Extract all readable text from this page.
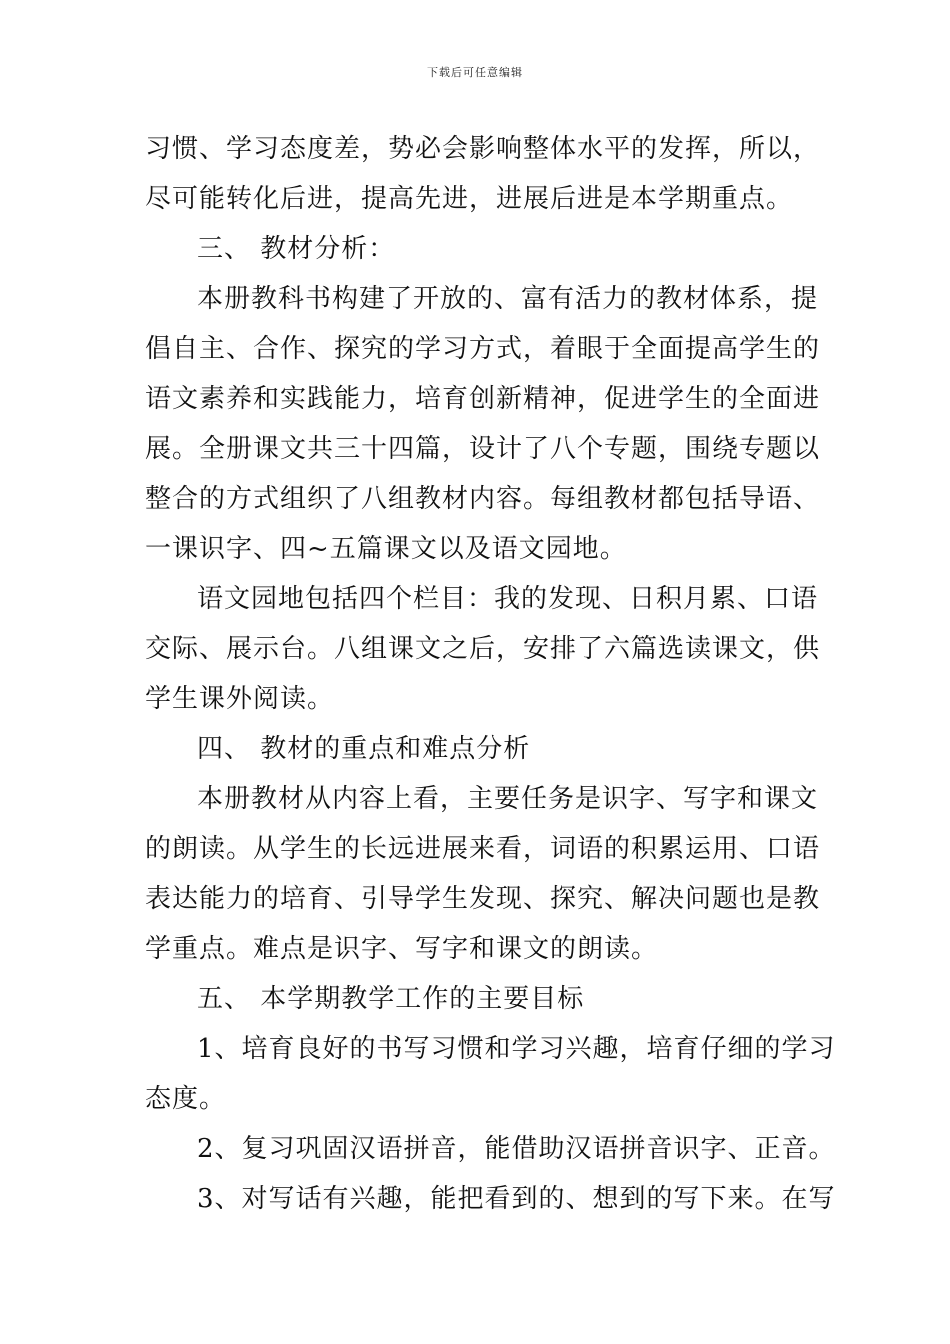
下载后可任意编辑
习惯、学习态度差，势必会影响整体水平的发挥，所以，
尽可能转化后进，提高先进，进展后进是本学期重点。
三、 教材分析：
本册教科书构建了开放的、富有活力的教材体系，提
倡自主、合作、探究的学习方式，着眼于全面提高学生的
语文素养和实践能力，培育创新精神，促进学生的全面进
展。全册课文共三十四篇，设计了八个专题，围绕专题以
整合的方式组织了八组教材内容。每组教材都包括导语、
一课识字、四~五篇课文以及语文园地。
语文园地包括四个栏目：我的发现、日积月累、口语
交际、展示台。八组课文之后，安排了六篇选读课文，供
学生课外阅读。
四、 教材的重点和难点分析
本册教材从内容上看，主要任务是识字、写字和课文
的朗读。从学生的长远进展来看，词语的积累运用、口语
表达能力的培育、引导学生发现、探究、解决问题也是教
学重点。难点是识字、写字和课文的朗读。
五、 本学期教学工作的主要目标
1、培育良好的书写习惯和学习兴趣，培育仔细的学习
态度。
2、复习巩固汉语拼音，能借助汉语拼音识字、正音。
3、对写话有兴趣，能把看到的、想到的写下来。在写
